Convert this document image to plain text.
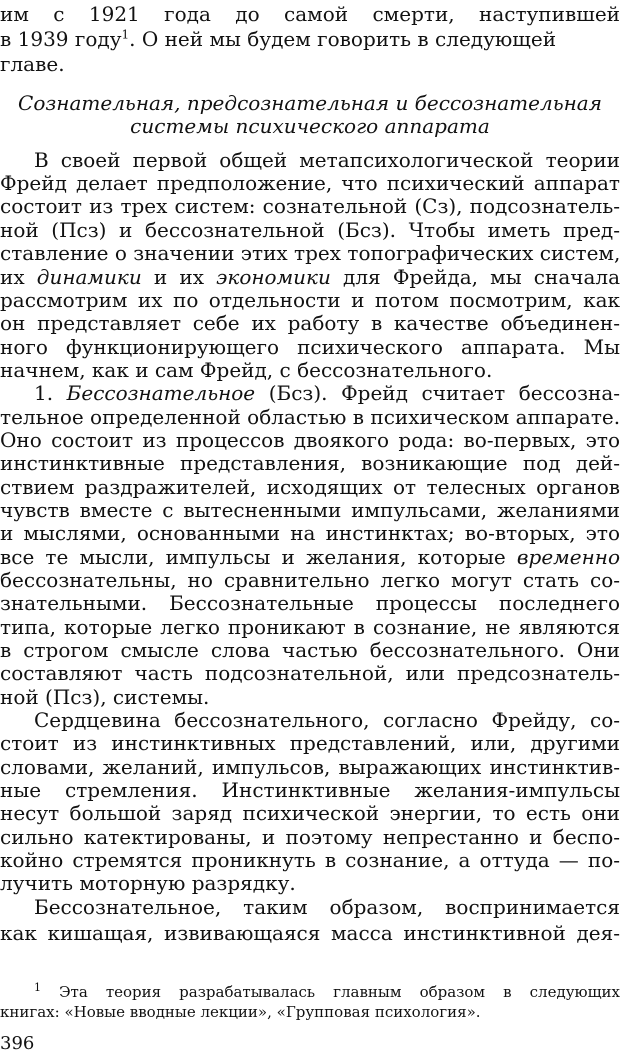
им с 1921 года до самой смерти, наступившей
в 1939 году$^1$. О ней мы будем говорить в следующей
главе.
Сознательная, предсознательная и бессознательная
системы психического аппарата
В своей первой общей метапсихологической теории
Фрейд делает предположение, что психический аппарат
состоит из трех систем: сознательной (Сз), подсознатель-
ной (Псз) и бессознательной (Бсз). Чтобы иметь пред-
ставление о значении этих трех топографических систем,
их динамики и их экономики для Фрейда, мы сначала
рассмотрим их по отдельности и потом посмотрим, как
он представляет себе их работу в качестве объединен-
ного функционирующего психического аппарата. Мы
начнем, как и сам Фрейд, с бессознательного.
1. Бессознательное (Бсз). Фрейд считает бессозна-
тельное определенной областью в психическом аппарате.
Оно состоит из процессов двоякого рода: во-первых, это
инстинктивные представления, возникающие под дей-
ствием раздражителей, исходящих от телесных органов
чувств вместе с вытесненными импульсами, желаниями
и мыслями, основанными на инстинктах; во-вторых, это
все те мысли, импульсы и желания, которые временно
бессознательны, но сравнительно легко могут стать со-
знательными. Бессознательные процессы последнего
типа, которые легко проникают в сознание, не являются
в строгом смысле слова частью бессознательного. Они
составляют часть подсознательной, или предсознатель-
ной (Псз), системы.
Сердцевина бессознательного, согласно Фрейду, со-
стоит из инстинктивных представлений, или, другими
словами, желаний, импульсов, выражающих инстинктив-
ные стремления. Инстинктивные желания-импульсы
несут большой заряд психической энергии, то есть они
сильно катектированы, и поэтому непрестанно и беспо-
койно стремятся проникнуть в сознание, а оттуда — по-
лучить моторную разрядку.
Бессознательное, таким образом, воспринимается
как кишащая, извивающаяся масса инстинктивной дея-
$^1$ Эта теория разрабатывалась главным образом в следующих
книгах: «Новые вводные лекции», «Групповая психология».
396
